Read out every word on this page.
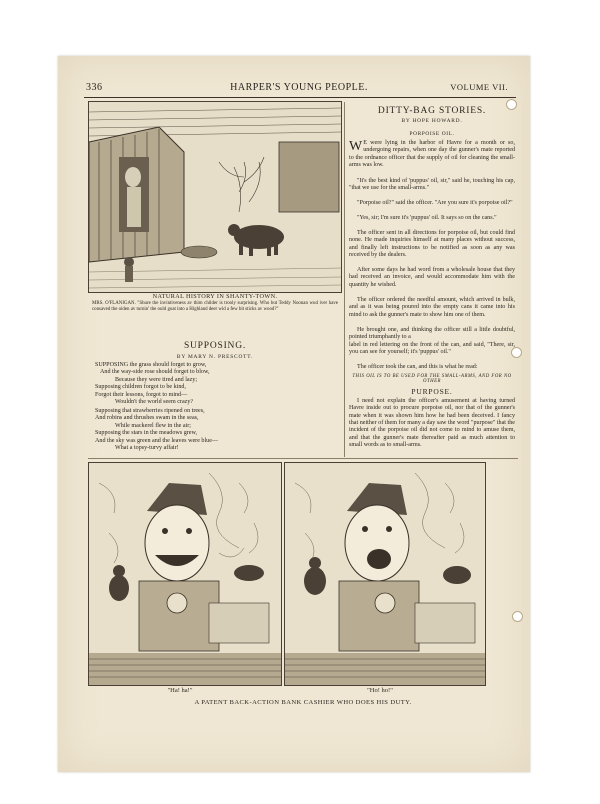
336	HARPER'S YOUNG PEOPLE.	VOLUME VII.
NATURAL HISTORY IN SHANTY-TOWN.
MRS. O'FLANIGAN. "Shure the invintiveness av thim childer is trooly surprising. Who but Teddy Noonan wud iver have consaved the oiden av turnin' the ould goat into a Highland deer wid a few bit sticks av wood?"
SUPPOSING.
BY MARY N. PRESCOTT.
SUPPOSING the grass should forget to grow,
And the way-side rose should forget to blow,
Because they were tired and lazy;
Supposing children forgot to be kind,
Forgot their lessons, forgot to mind—
Wouldn't the world seem crazy?
Supposing that strawberries ripened on trees,
And robins and thrushes swam in the seas,
While mackerel flew in the air;
Supposing the stars in the meadows grew,
And the sky was green and the leaves were blue—
What a topsy-turvy affair!
DITTY-BAG STORIES.
BY HOPE HOWARD.
PORPOISE OIL.

W E were lying in the harbor of Havre for a month or so, undergoing repairs, when one day the gunner's mate reported to the ordnance officer that the supply of oil for cleaning the small-arms was low.

"It's the best kind of 'puppus' oil, sir," said he, touching his cap, "that we use for the small-arms."

"Porpoise oil?" said the officer. "Are you sure it's porpoise oil?"

"Yes, sir; I'm sure it's 'puppus' oil. It says so on the cans."

The officer sent in all directions for porpoise oil, but could find none. He made inquiries himself at many places without success, and finally left instructions to be notified as soon as any was received by the dealers.

After some days he had word from a wholesale house that they had received an invoice, and would accommodate him with the quantity he wished.

The officer ordered the needful amount, which arrived in bulk, and as it was being poured into the empty cans it came into his mind to ask the gunner's mate to show him one of them.

He brought one, and thinking the officer still a little doubtful, pointed triumphantly to a

label in red lettering on the front of the can, and said, "There, sir, you can see for yourself; it's 'puppus' oil."

The officer took the can, and this is what he read:

THIS OIL IS TO BE USED FOR THE SMALL-ARMS, AND FOR NO OTHER
PURPOSE.

I need not explain the officer's amusement at having turned Havre inside out to procure porpoise oil, nor that of the gunner's mate when it was shown him how he had been deceived. I fancy that neither of them for many a day saw the word "purpose" that the incident of the porpoise oil did not come to mind to amuse them, and that the gunner's mate thereafter paid as much attention to small words as to small-arms.

"Ha! ha!"	"Ho! ho!"
A PATENT BACK-ACTION BANK CASHIER WHO DOES HIS DUTY.
